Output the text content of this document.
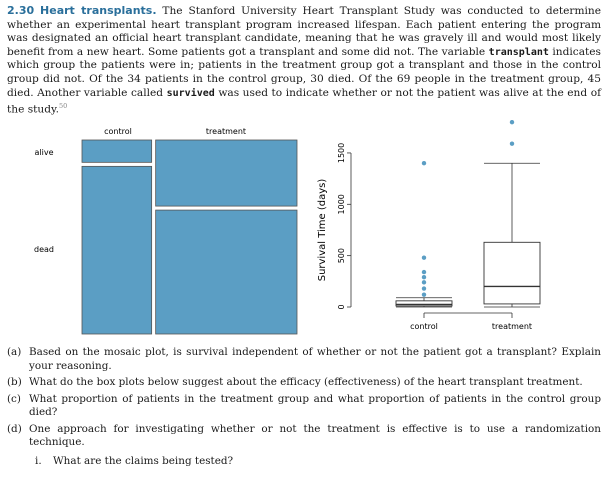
2.30 Heart transplants. The Stanford University Heart Transplant Study was conducted to determine whether an experimental heart transplant program increased lifespan. Each patient entering the program was designated an official heart transplant candidate, meaning that he was gravely ill and would most likely benefit from a new heart. Some patients got a transplant and some did not. The variable transplant indicates which group the patients were in; patients in the treatment group got a transplant and those in the control group did not. Of the 34 patients in the control group, 30 died. Of the 69 people in the treatment group, 45 died. Another variable called survived was used to indicate whether or not the patient was alive at the end of the study.$^{50}$
control	treatment
alive
dead	Survival Time (days)
0
500
1000
1500
control	treatment
(a) Based on the mosaic plot, is survival independent of whether or not the patient got a transplant? Explain your reasoning.
(b) What do the box plots below suggest about the efficacy (effectiveness) of the heart transplant treatment.
(c) What proportion of patients in the treatment group and what proportion of patients in the control group died?
(d) One approach for investigating whether or not the treatment is effective is to use a randomization technique.
i.	What are the claims being tested?
